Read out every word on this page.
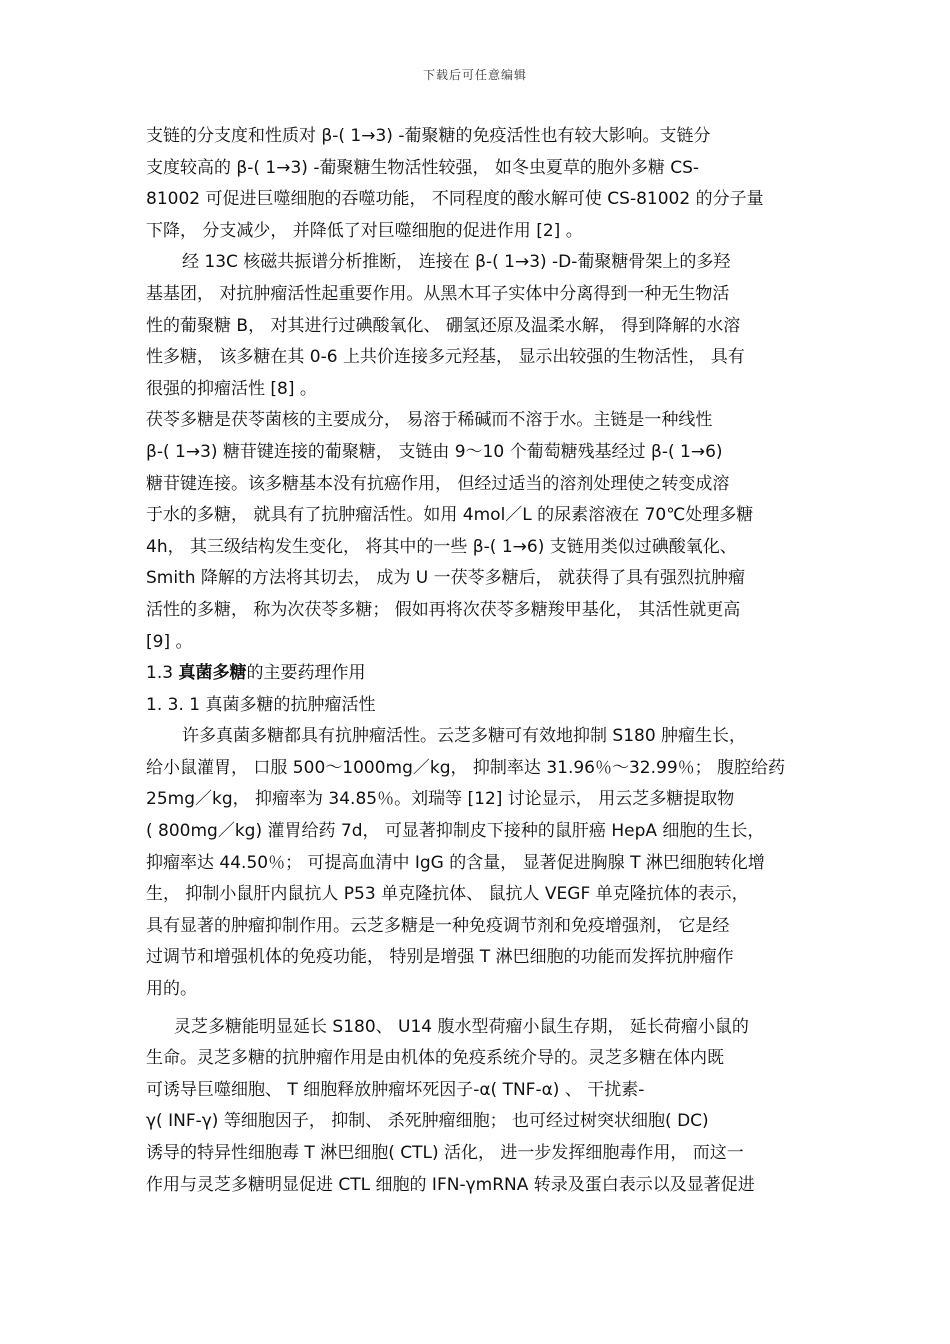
下载后可任意编辑
支链的分支度和性质对 β-( 1→3) -葡聚糖的免疫活性也有较大影响。支链分
支度较高的 β-( 1→3) -葡聚糖生物活性较强， 如冬虫夏草的胞外多糖 CS-
81002 可促进巨噬细胞的吞噬功能， 不同程度的酸水解可使 CS-81002 的分子量
下降， 分支减少， 并降低了对巨噬细胞的促进作用 [2] 。
经 13C 核磁共振谱分析推断， 连接在 β-( 1→3) -D-葡聚糖骨架上的多羟
基基团， 对抗肿瘤活性起重要作用。从黑木耳子实体中分离得到一种无生物活
性的葡聚糖 B， 对其进行过碘酸氧化、 硼氢还原及温柔水解， 得到降解的水溶
性多糖， 该多糖在其 0-6 上共价连接多元羟基， 显示出较强的生物活性， 具有
很强的抑瘤活性 [8] 。
茯苓多糖是茯苓菌核的主要成分， 易溶于稀碱而不溶于水。主链是一种线性
β-( 1→3) 糖苷键连接的葡聚糖， 支链由 9～10 个葡萄糖残基经过 β-( 1→6)
糖苷键连接。该多糖基本没有抗癌作用， 但经过适当的溶剂处理使之转变成溶
于水的多糖， 就具有了抗肿瘤活性。如用 4mol／L 的尿素溶液在 70℃处理多糖
4h， 其三级结构发生变化， 将其中的一些 β-( 1→6) 支链用类似过碘酸氧化、
Smith 降解的方法将其切去， 成为 U 一茯苓多糖后， 就获得了具有强烈抗肿瘤
活性的多糖， 称为次茯苓多糖； 假如再将次茯苓多糖羧甲基化， 其活性就更高
[9] 。
1.3 真菌多糖的主要药理作用
1. 3. 1 真菌多糖的抗肿瘤活性
许多真菌多糖都具有抗肿瘤活性。云芝多糖可有效地抑制 S180 肿瘤生长，
给小鼠灌胃， 口服 500～1000mg／kg， 抑制率达 31.96％～32.99％； 腹腔给药
25mg／kg， 抑瘤率为 34.85％。刘瑞等 [12] 讨论显示， 用云芝多糖提取物
( 800mg／kg) 灌胃给药 7d， 可显著抑制皮下接种的鼠肝癌 HepA 细胞的生长，
抑瘤率达 44.50％； 可提高血清中 IgG 的含量， 显著促进胸腺 T 淋巴细胞转化增
生， 抑制小鼠肝内鼠抗人 P53 单克隆抗体、 鼠抗人 VEGF 单克隆抗体的表示，
具有显著的肿瘤抑制作用。云芝多糖是一种免疫调节剂和免疫增强剂， 它是经
过调节和增强机体的免疫功能， 特别是增强 T 淋巴细胞的功能而发挥抗肿瘤作
用的。
灵芝多糖能明显延长 S180、 U14 腹水型荷瘤小鼠生存期， 延长荷瘤小鼠的
生命。灵芝多糖的抗肿瘤作用是由机体的免疫系统介导的。灵芝多糖在体内既
可诱导巨噬细胞、 T 细胞释放肿瘤坏死因子-α( TNF-α) 、 干扰素-
γ( INF-γ) 等细胞因子， 抑制、 杀死肿瘤细胞； 也可经过树突状细胞( DC)
诱导的特异性细胞毒 T 淋巴细胞( CTL) 活化， 进一步发挥细胞毒作用， 而这一
作用与灵芝多糖明显促进 CTL 细胞的 IFN-γmRNA 转录及蛋白表示以及显著促进
